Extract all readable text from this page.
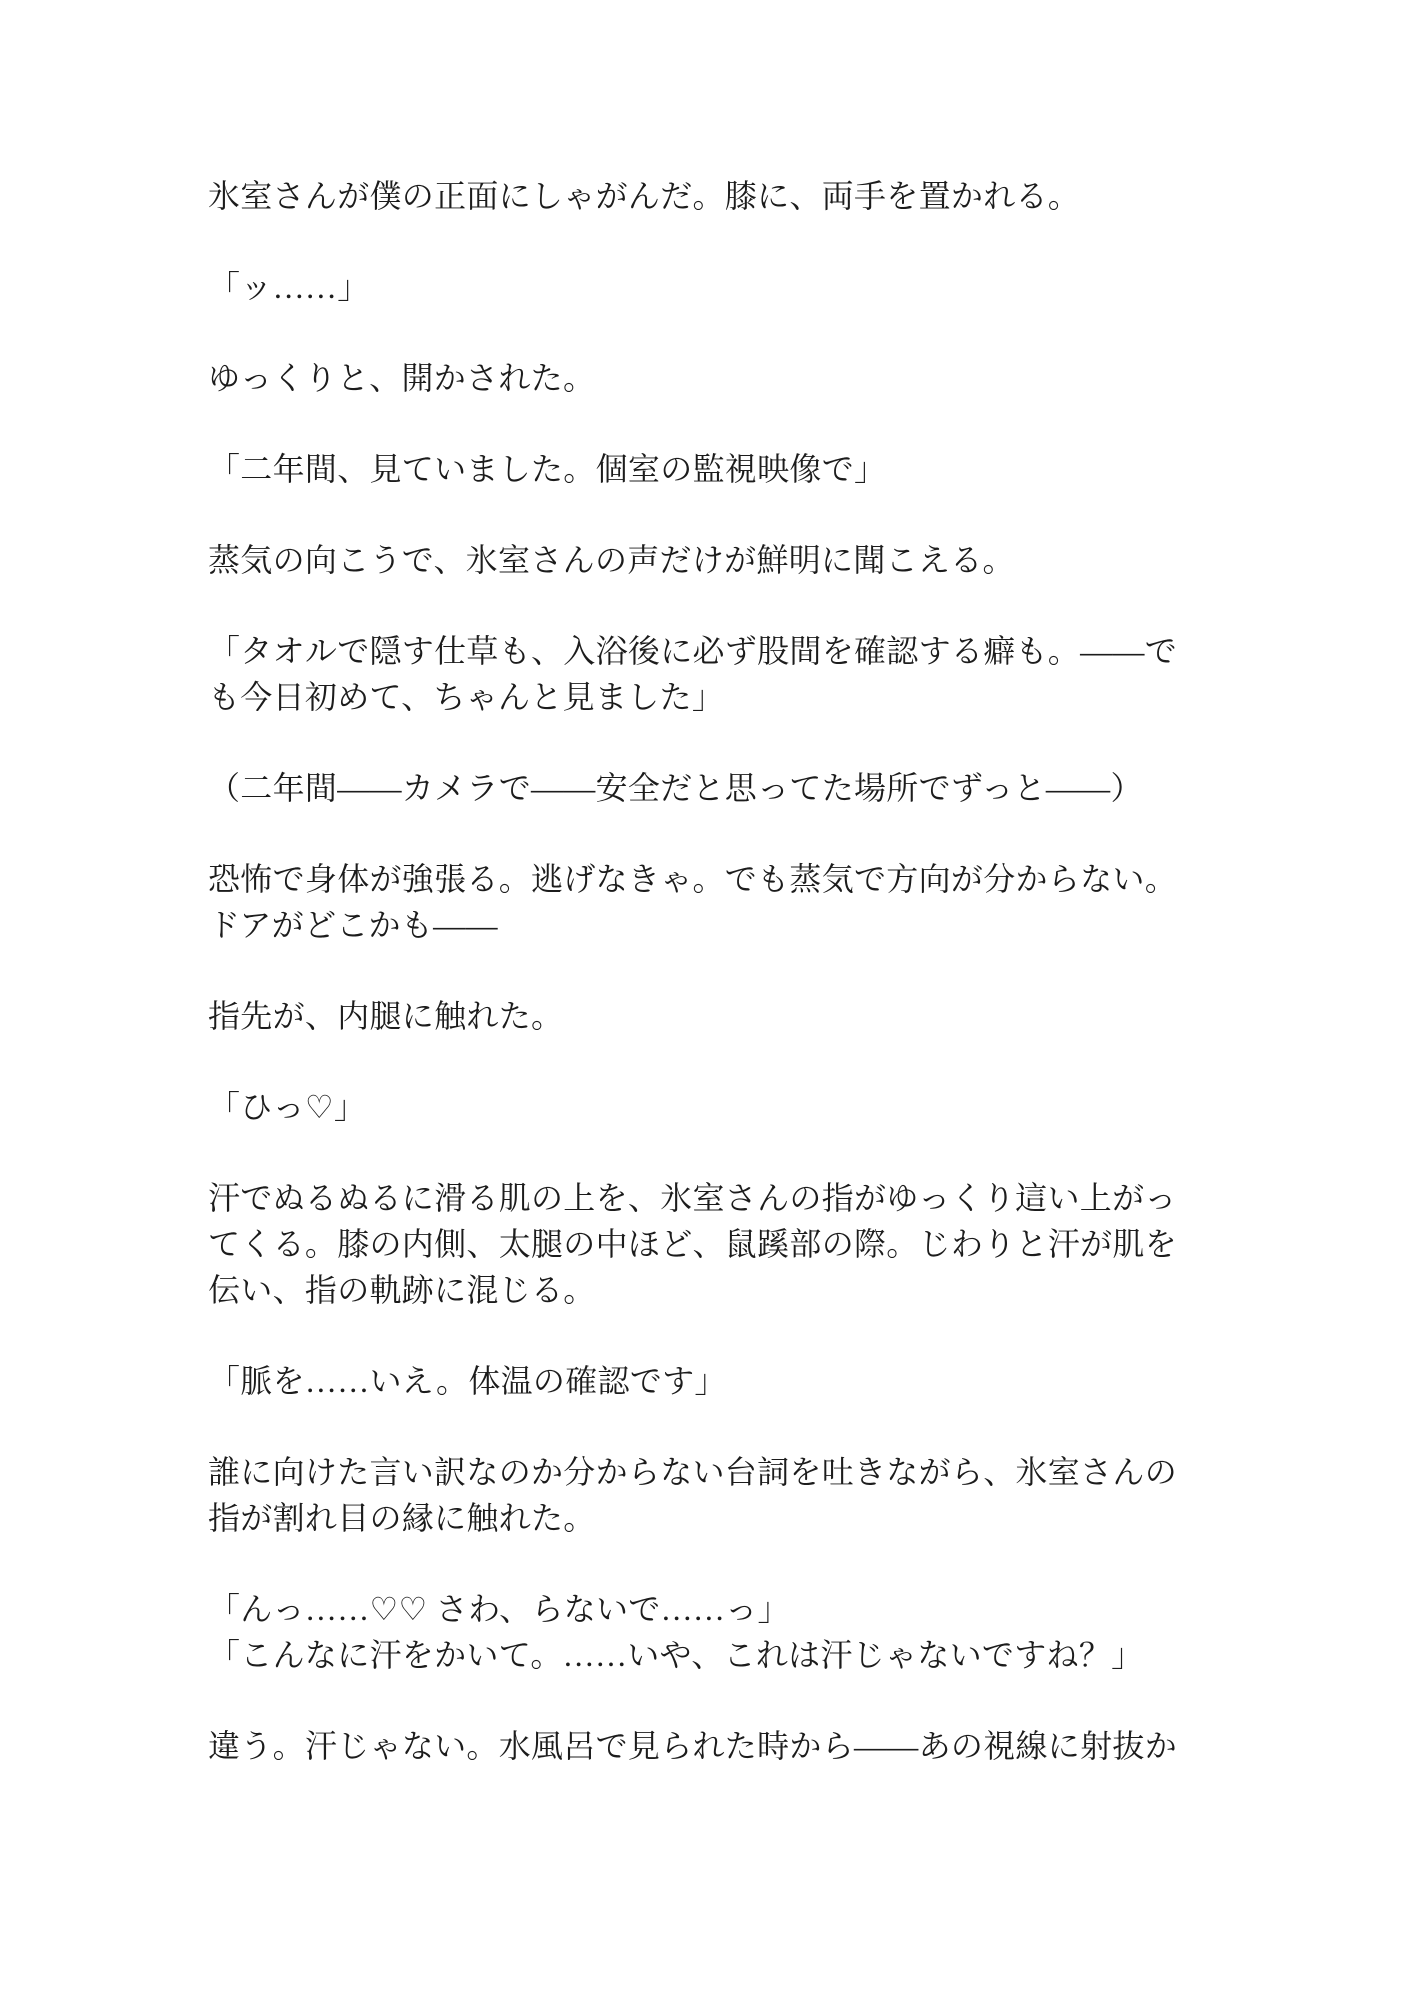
氷室さんが僕の正面にしゃがんだ。膝に、両手を置かれる。
「ッ……」
ゆっくりと、開かされた。
「二年間、見ていました。個室の監視映像で」
蒸気の向こうで、氷室さんの声だけが鮮明に聞こえる。
「タオルで隠す仕草も、入浴後に必ず股間を確認する癖も。――で
も今日初めて、ちゃんと見ました」
（二年間――カメラで――安全だと思ってた場所でずっと――）
恐怖で身体が強張る。逃げなきゃ。でも蒸気で方向が分からない。
ドアがどこかも――
指先が、内腿に触れた。
「ひっ♡」
汗でぬるぬるに滑る肌の上を、氷室さんの指がゆっくり這い上がっ
てくる。膝の内側、太腿の中ほど、鼠蹊部の際。じわりと汗が肌を
伝い、指の軌跡に混じる。
「脈を……いえ。体温の確認です」
誰に向けた言い訳なのか分からない台詞を吐きながら、氷室さんの
指が割れ目の縁に触れた。
「んっ……♡♡ さわ、らないで……っ」
「こんなに汗をかいて。……いや、これは汗じゃないですね？」
違う。汗じゃない。水風呂で見られた時から――あの視線に射抜か
